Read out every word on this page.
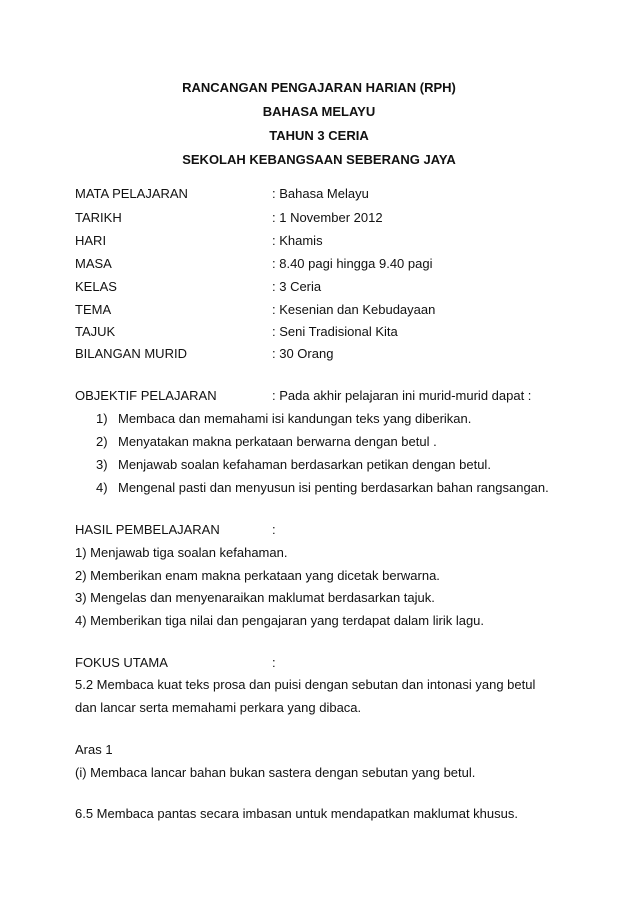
RANCANGAN PENGAJARAN HARIAN (RPH)
BAHASA MELAYU
TAHUN 3 CERIA
SEKOLAH KEBANGSAAN SEBERANG JAYA
MATA PELAJARAN	: Bahasa Melayu
TARIKH	: 1 November 2012
HARI	: Khamis
MASA	: 8.40 pagi hingga 9.40 pagi
KELAS	: 3 Ceria
TEMA	: Kesenian dan Kebudayaan
TAJUK	: Seni Tradisional Kita
BILANGAN MURID	: 30 Orang
OBJEKTIF PELAJARAN	: Pada akhir pelajaran ini murid-murid dapat :
1) Membaca dan memahami isi kandungan teks yang diberikan.
2) Menyatakan makna perkataan berwarna dengan betul .
3) Menjawab soalan kefahaman berdasarkan petikan dengan betul.
4) Mengenal pasti dan menyusun isi penting berdasarkan bahan rangsangan.
HASIL PEMBELAJARAN	:
1) Menjawab tiga soalan kefahaman.
2) Memberikan enam makna perkataan yang dicetak berwarna.
3) Mengelas dan menyenaraikan maklumat berdasarkan tajuk.
4) Memberikan tiga nilai dan pengajaran yang terdapat dalam lirik lagu.
FOKUS UTAMA	:
5.2 Membaca kuat teks prosa dan puisi dengan sebutan dan intonasi yang betul
dan lancar serta memahami perkara yang dibaca.
Aras 1
(i) Membaca lancar bahan bukan sastera dengan sebutan yang betul.
6.5 Membaca pantas secara imbasan untuk mendapatkan maklumat khusus.
